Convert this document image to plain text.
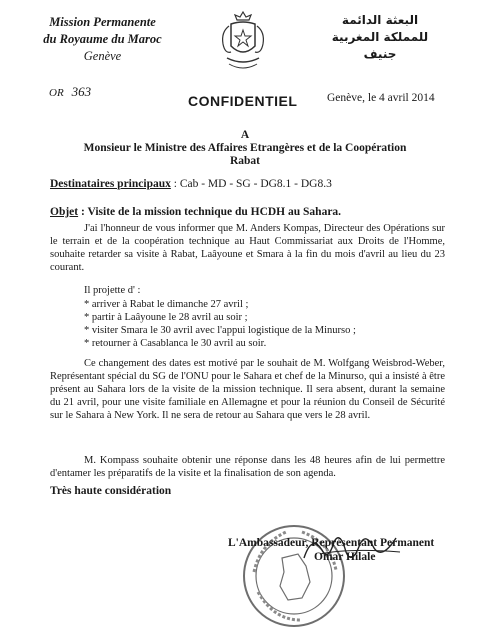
Mission Permanente
du Royaume du Maroc
Genève
البعثة الدائمة
للمملكة المغربية
جنيف
OR 363
CONFIDENTIEL	Genève, le 4 avril 2014
A
Monsieur le Ministre des Affaires Etrangères et de la Coopération
Rabat
Destinataires principaux : Cab - MD - SG - DG8.1 - DG8.3
Objet : Visite de la mission technique du HCDH au Sahara.
J'ai l'honneur de vous informer que M. Anders Kompas, Directeur des Opérations sur le terrain et de la coopération technique au Haut Commissariat aux Droits de l'Homme, souhaite retarder sa visite à Rabat, Laâyoune et Smara à la fin du mois d'avril au lieu du 23 courant.
Il projette d' :
* arriver à Rabat le dimanche 27 avril ;
* partir à Laâyoune le 28 avril au soir ;
* visiter Smara le 30 avril avec l'appui logistique de la Minurso ;
* retourner à Casablanca le 30 avril au soir.
Ce changement des dates est motivé par le souhait de M. Wolfgang Weisbrod-Weber, Représentant spécial du SG de l'ONU pour le Sahara et chef de la Minurso, qui a insisté à être présent au Sahara lors de la visite de la mission technique. Il sera absent, durant la semaine du 21 avril, pour une visite familiale en Allemagne et pour la réunion du Conseil de Sécurité sur le Sahara à New York. Il ne sera de retour au Sahara que vers le 28 avril.
M. Kompass souhaite obtenir une réponse dans les 48 heures afin de lui permettre d'entamer les préparatifs de la visite et la finalisation de son agenda.
Très haute considération
L'Ambassadeur, Représentant Permanent
Omar Hilale
